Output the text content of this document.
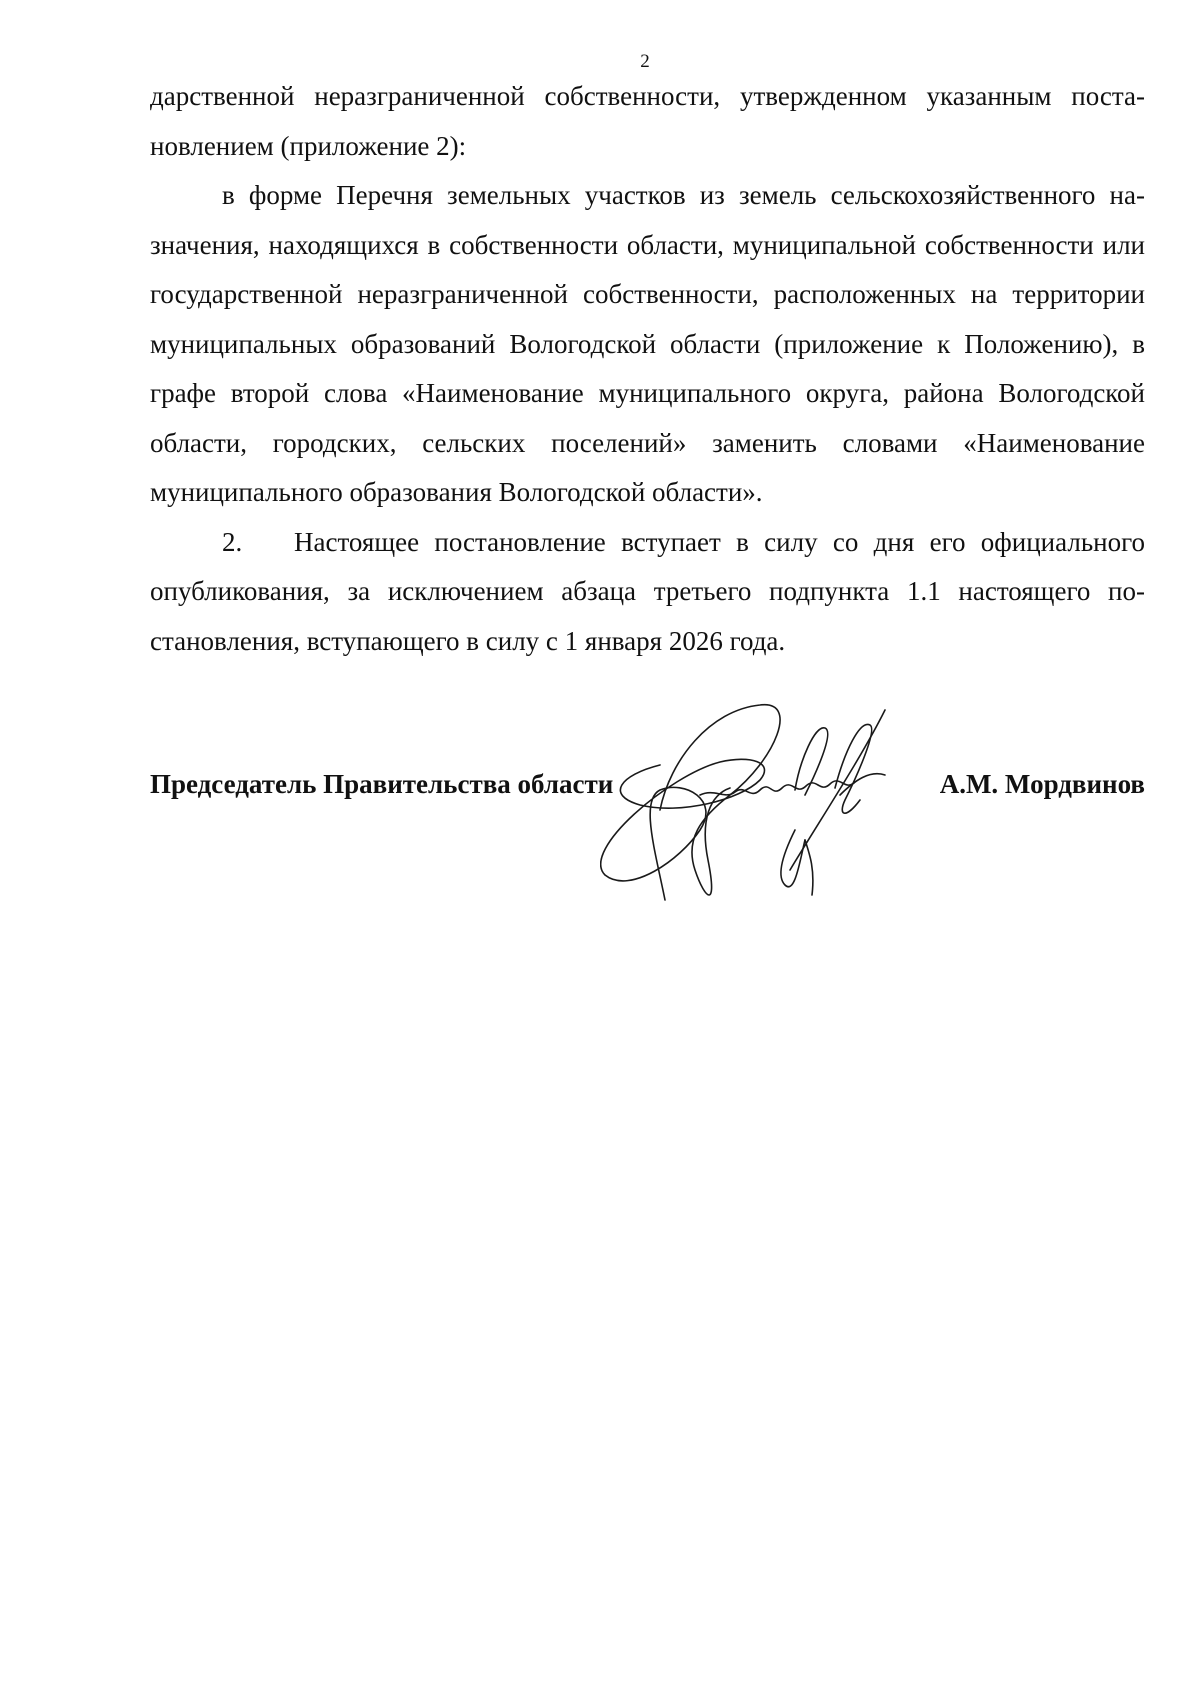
2

дарственной неразграниченной собственности, утвержденном указанным постановлением (приложение 2):

в форме Перечня земельных участков из земель сельскохозяйственного назначения, находящихся в собственности области, муниципальной собственности или государственной неразграниченной собственности, расположенных на территории муниципальных образований Вологодской области (приложение к Положению), в графе второй слова «Наименование муниципального округа, района Вологодской области, городских, сельских поселений» заменить словами «Наименование муниципального образования Вологодской области».

2. Настоящее постановление вступает в силу со дня его официального опубликования, за исключением абзаца третьего подпункта 1.1 настоящего постановления, вступающего в силу с 1 января 2026 года.

Председатель Правительства области	А.М. Мордвинов
